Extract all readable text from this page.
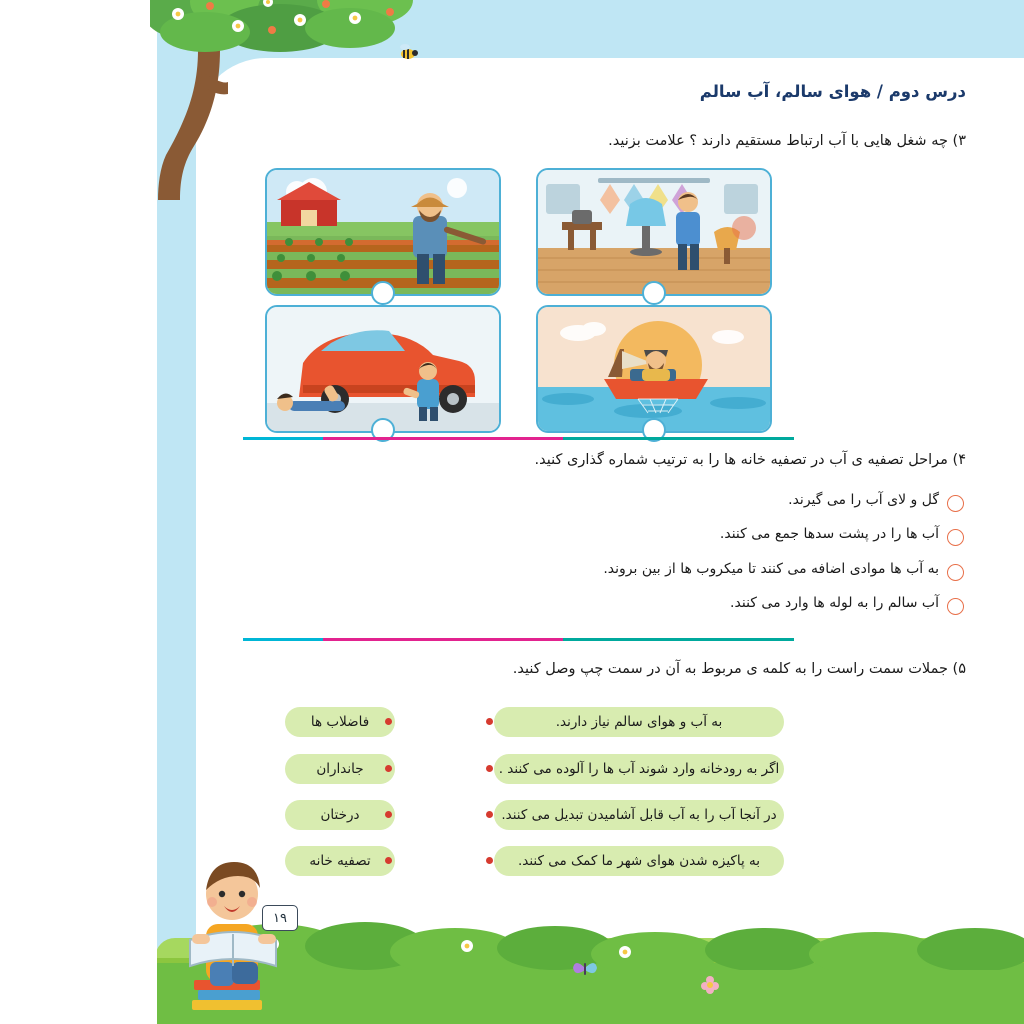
درس دوم / هوای سالم، آب سالم
۳) چه شغل هایی با آب ارتباط مستقیم دارند ؟ علامت بزنید.
۴) مراحل تصفیه ی آب در تصفیه خانه ها را به ترتیب شماره گذاری کنید.
گل و لای آب را می گیرند.
آب ها را در پشت سدها جمع می کنند.
به آب ها موادی اضافه می کنند تا میکروب ها از بین بروند.
آب سالم را به لوله ها وارد می کنند.
۵) جملات سمت راست را به کلمه ی مربوط به آن در سمت چپ وصل کنید.
به آب و هوای سالم نیاز دارند.
اگر به رودخانه وارد شوند آب ها را آلوده می کنند .
در آنجا آب را به آب قابل آشامیدن تبدیل می کنند.
به پاکیزه شدن هوای شهر ما کمک می کنند.
فاضلاب ها
جانداران
درختان
تصفیه خانه
۱۹
